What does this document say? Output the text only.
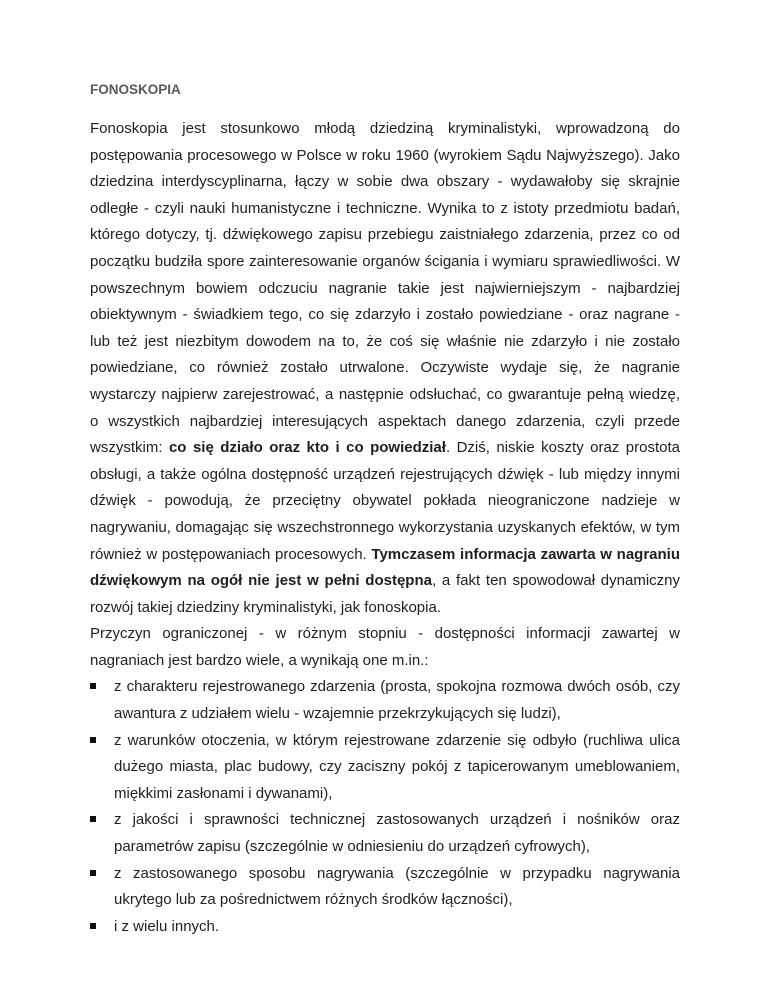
FONOSKOPIA

Fonoskopia jest stosunkowo młodą dziedziną kryminalistyki, wprowadzoną do postępowania procesowego w Polsce w roku 1960 (wyrokiem Sądu Najwyższego). Jako dziedzina interdyscyplinarna, łączy w sobie dwa obszary - wydawałoby się skrajnie odległe - czyli nauki humanistyczne i techniczne. Wynika to z istoty przedmiotu badań, którego dotyczy, tj. dźwiękowego zapisu przebiegu zaistniałego zdarzenia, przez co od początku budziła spore zainteresowanie organów ścigania i wymiaru sprawiedliwości. W powszechnym bowiem odczuciu nagranie takie jest najwierniejszym - najbardziej obiektywnym - świadkiem tego, co się zdarzyło i zostało powiedziane - oraz nagrane - lub też jest niezbitym dowodem na to, że coś się właśnie nie zdarzyło i nie zostało powiedziane, co również zostało utrwalone. Oczywiste wydaje się, że nagranie wystarczy najpierw zarejestrować, a następnie odsłuchać, co gwarantuje pełną wiedzę, o wszystkich najbardziej interesujących aspektach danego zdarzenia, czyli przede wszystkim: co się działo oraz kto i co powiedział. Dziś, niskie koszty oraz prostota obsługi, a także ogólna dostępność urządzeń rejestrujących dźwięk - lub między innymi dźwięk - powodują, że przeciętny obywatel pokłada nieograniczone nadzieje w nagrywaniu, domagając się wszechstronnego wykorzystania uzyskanych efektów, w tym również w postępowaniach procesowych. Tymczasem informacja zawarta w nagraniu dźwiękowym na ogół nie jest w pełni dostępna, a fakt ten spowodował dynamiczny rozwój takiej dziedziny kryminalistyki, jak fonoskopia.

Przyczyn ograniczonej - w różnym stopniu - dostępności informacji zawartej w nagraniach jest bardzo wiele, a wynikają one m.in.:

z charakteru rejestrowanego zdarzenia (prosta, spokojna rozmowa dwóch osób, czy awantura z udziałem wielu - wzajemnie przekrzykujących się ludzi),
z warunków otoczenia, w którym rejestrowane zdarzenie się odbyło (ruchliwa ulica dużego miasta, plac budowy, czy zaciszny pokój z tapicerowanym umeblowaniem, miękkimi zasłonami i dywanami),
z jakości i sprawności technicznej zastosowanych urządzeń i nośników oraz parametrów zapisu (szczególnie w odniesieniu do urządzeń cyfrowych),
z zastosowanego sposobu nagrywania (szczególnie w przypadku nagrywania ukrytego lub za pośrednictwem różnych środków łączności),
i z wielu innych.
